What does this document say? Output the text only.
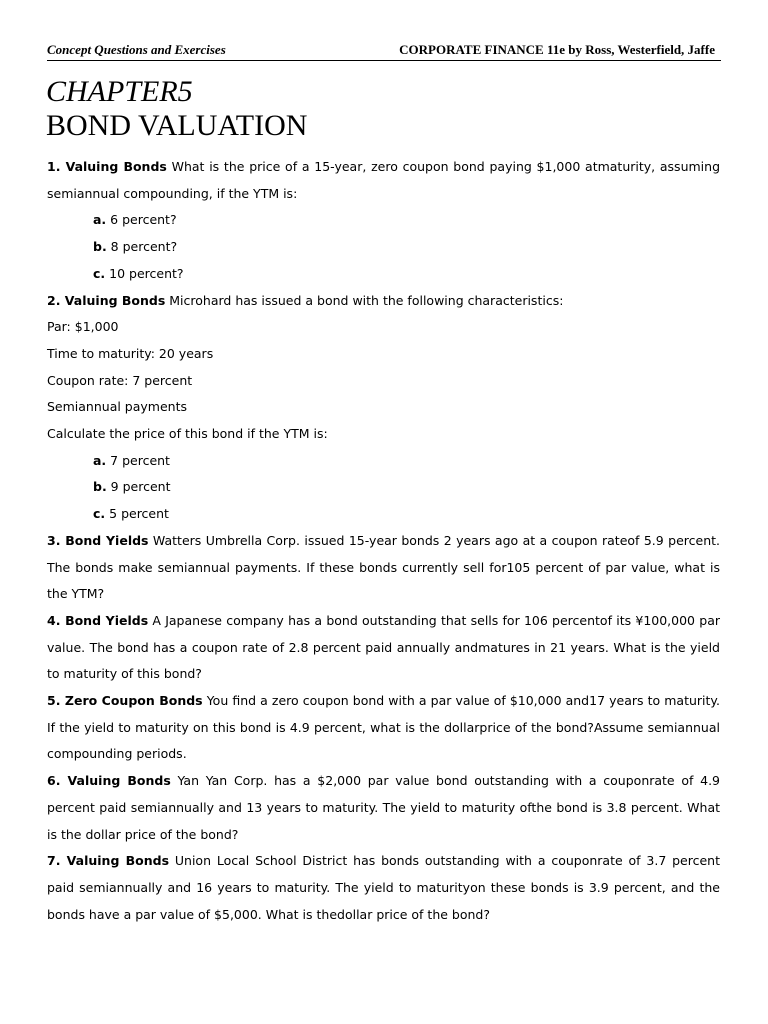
Concept Questions and Exercises	CORPORATE FINANCE 11e by Ross, Westerfield, Jaffe
CHAPTER5
BOND VALUATION

1. Valuing Bonds What is the price of a 15-year, zero coupon bond paying $1,000 atmaturity, assuming semiannual compounding, if the YTM is:

a. 6 percent?

b. 8 percent?

c. 10 percent?

2. Valuing Bonds Microhard has issued a bond with the following characteristics:

Par: $1,000

Time to maturity: 20 years

Coupon rate: 7 percent

Semiannual payments

Calculate the price of this bond if the YTM is:

a. 7 percent

b. 9 percent

c. 5 percent

3. Bond Yields Watters Umbrella Corp. issued 15-year bonds 2 years ago at a coupon rateof 5.9 percent. The bonds make semiannual payments. If these bonds currently sell for105 percent of par value, what is the YTM?

4. Bond Yields A Japanese company has a bond outstanding that sells for 106 percentof its ¥100,000 par value. The bond has a coupon rate of 2.8 percent paid annually andmatures in 21 years. What is the yield to maturity of this bond?

5. Zero Coupon Bonds You find a zero coupon bond with a par value of $10,000 and17 years to maturity. If the yield to maturity on this bond is 4.9 percent, what is the dollarprice of the bond?Assume semiannual compounding periods.

6. Valuing Bonds Yan Yan Corp. has a $2,000 par value bond outstanding with a couponrate of 4.9 percent paid semiannually and 13 years to maturity. The yield to maturity ofthe bond is 3.8 percent. What is the dollar price of the bond?

7. Valuing Bonds Union Local School District has bonds outstanding with a couponrate of 3.7 percent paid semiannually and 16 years to maturity. The yield to maturityon these bonds is 3.9 percent, and the bonds have a par value of $5,000. What is thedollar price of the bond?
